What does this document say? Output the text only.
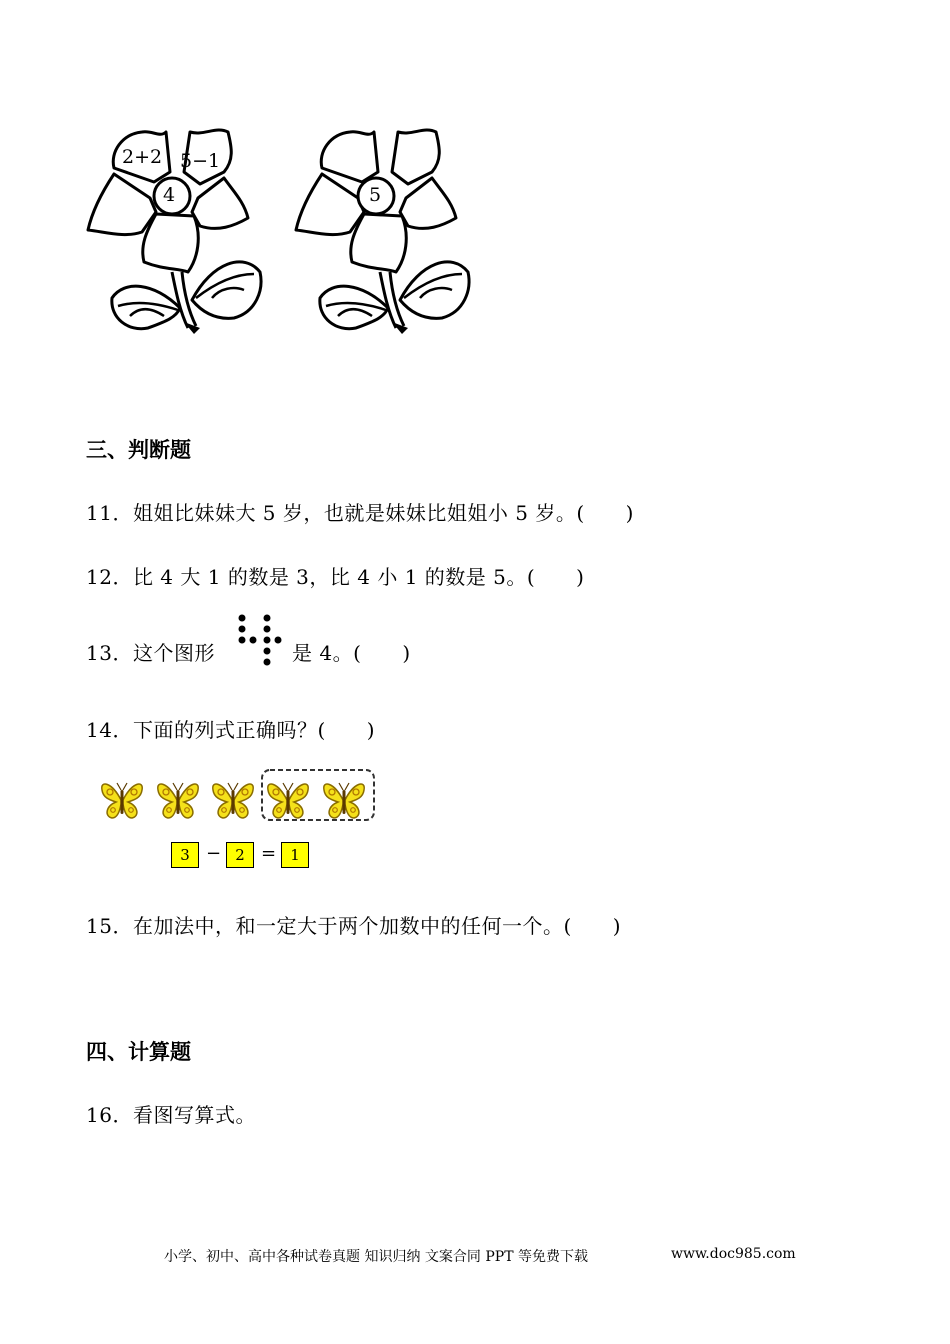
4
2+2 5−1
5
三、判断题
11．姐姐比妹妹大 5 岁，也就是妹妹比姐姐小 5 岁。(　　)
12．比 4 大 1 的数是 3，比 4 小 1 的数是 5。(　　)
13．这个图形	是 4。(　　)
14．下面的列式正确吗？(　　)
3 − 2 = 1
15．在加法中，和一定大于两个加数中的任何一个。(　　)
四、计算题
16．看图写算式。
小学、初中、高中各种试卷真题 知识归纳 文案合同 PPT 等免费下载	www.doc985.com
